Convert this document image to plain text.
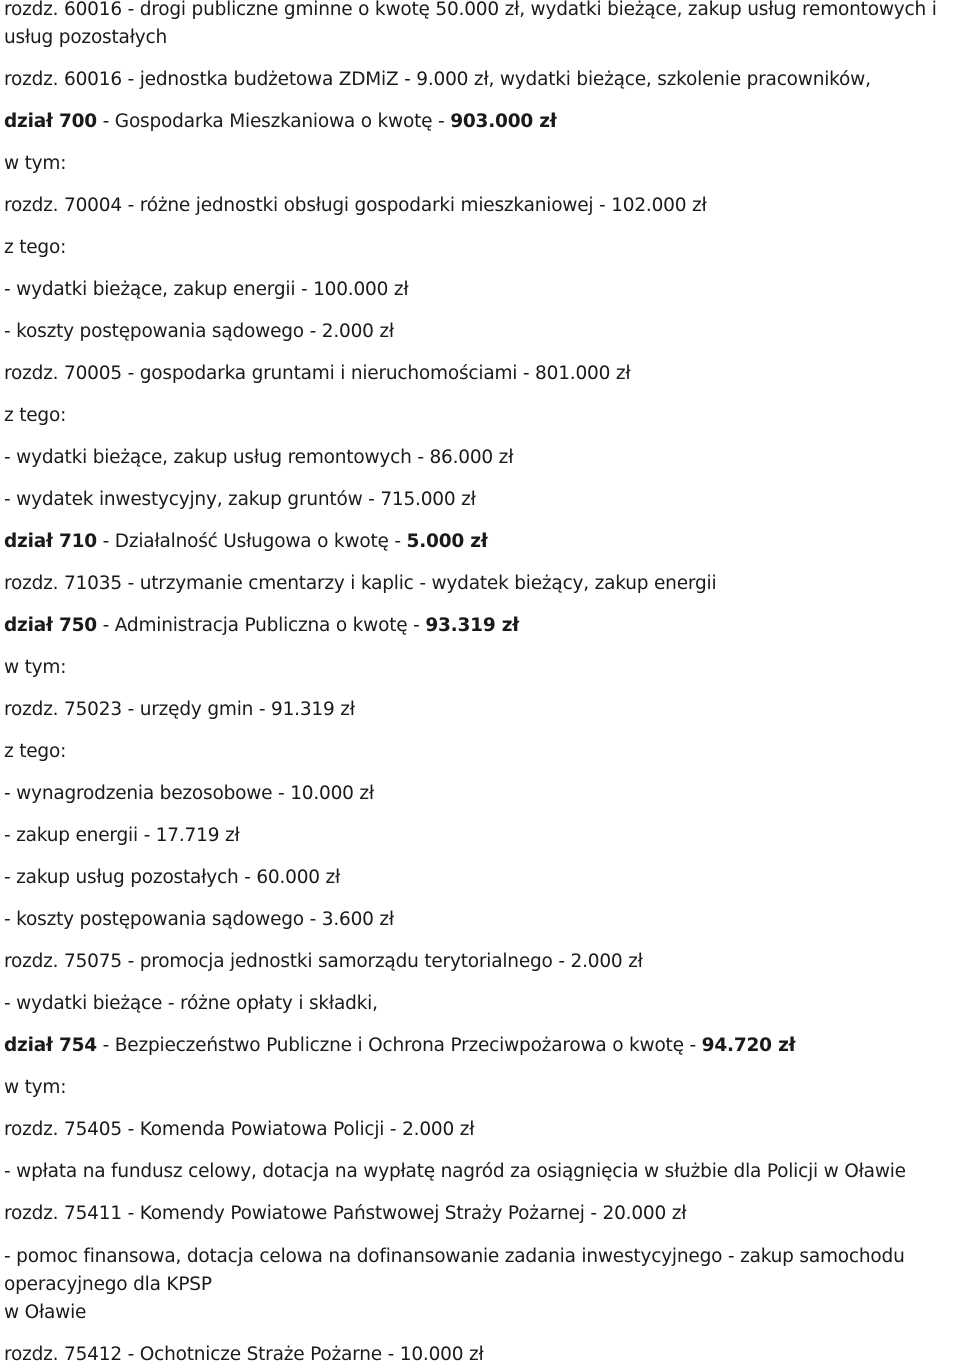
rozdz. 60016 - drogi publiczne gminne o kwotę 50.000 zł, wydatki bieżące, zakup usług remontowych i usług pozostałych
rozdz. 60016 - jednostka budżetowa ZDMiZ - 9.000 zł, wydatki bieżące, szkolenie pracowników,
dział 700 - Gospodarka Mieszkaniowa o kwotę - 903.000 zł
w tym:
rozdz. 70004 - różne jednostki obsługi gospodarki mieszkaniowej - 102.000 zł
z tego:
- wydatki bieżące, zakup energii - 100.000 zł
- koszty postępowania sądowego - 2.000 zł
rozdz. 70005 - gospodarka gruntami i nieruchomościami - 801.000 zł
z tego:
- wydatki bieżące, zakup usług remontowych - 86.000 zł
- wydatek inwestycyjny, zakup gruntów - 715.000 zł
dział 710 - Działalność Usługowa o kwotę - 5.000 zł
rozdz. 71035 - utrzymanie cmentarzy i kaplic - wydatek bieżący, zakup energii
dział 750 - Administracja Publiczna o kwotę - 93.319 zł
w tym:
rozdz. 75023 - urzędy gmin - 91.319 zł
z tego:
- wynagrodzenia bezosobowe - 10.000 zł
- zakup energii - 17.719 zł
- zakup usług pozostałych - 60.000 zł
- koszty postępowania sądowego - 3.600 zł
rozdz. 75075 - promocja jednostki samorządu terytorialnego - 2.000 zł
- wydatki bieżące - różne opłaty i składki,
dział 754 - Bezpieczeństwo Publiczne i Ochrona Przeciwpożarowa o kwotę - 94.720 zł
w tym:
rozdz. 75405 - Komenda Powiatowa Policji - 2.000 zł
- wpłata na fundusz celowy, dotacja na wypłatę nagród za osiągnięcia w służbie dla Policji w Oławie
rozdz. 75411 - Komendy Powiatowe Państwowej Straży Pożarnej - 20.000 zł
- pomoc finansowa, dotacja celowa na dofinansowanie zadania inwestycyjnego - zakup samochodu operacyjnego dla KPSP
w Oławie
rozdz. 75412 - Ochotnicze Straże Pożarne - 10.000 zł
